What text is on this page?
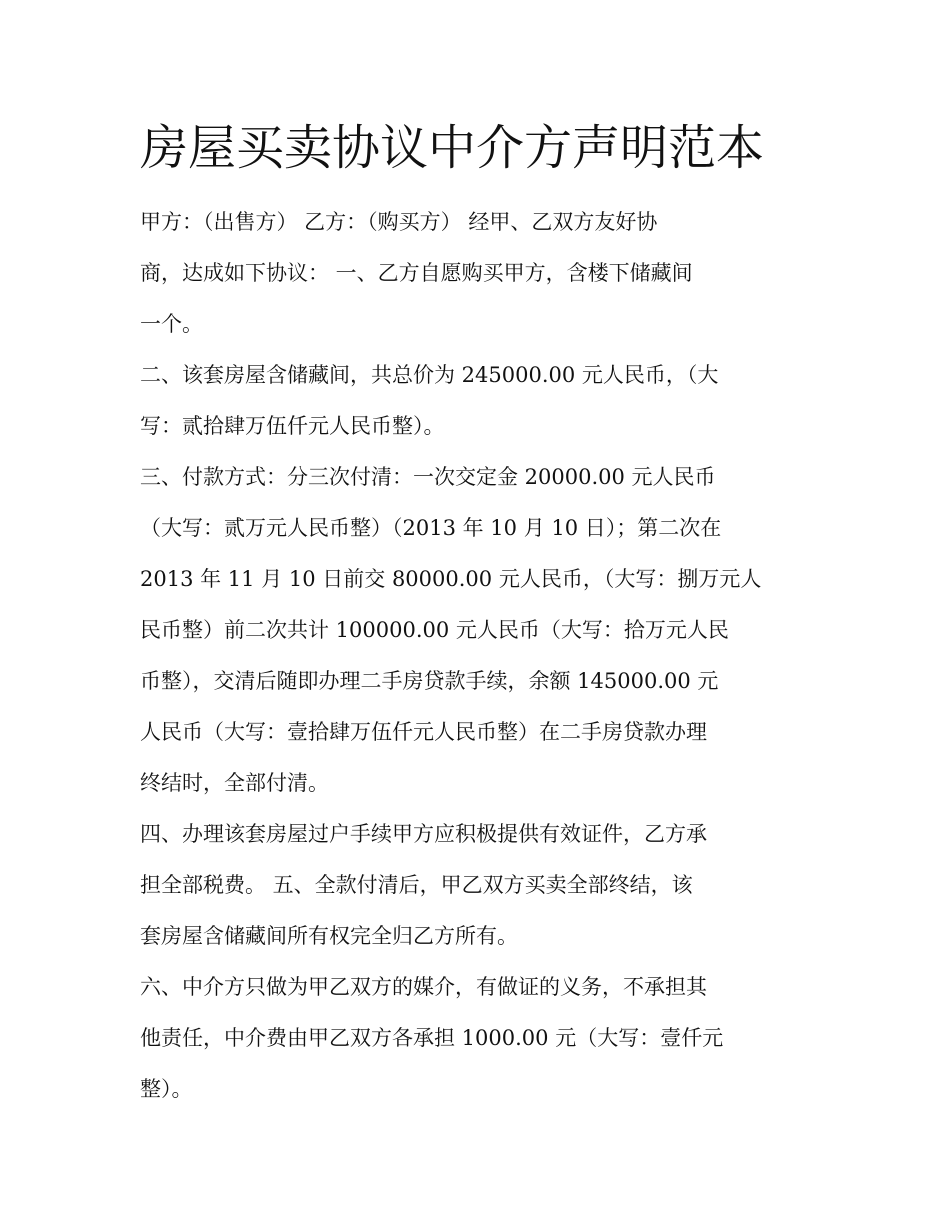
房屋买卖协议中介方声明范本
甲方：（出售方） 乙方：（购买方） 经甲、乙双方友好协
商，达成如下协议： 一、乙方自愿购买甲方，含楼下储藏间
一个。
二、该套房屋含储藏间，共总价为 245000.00 元人民币，（大
写：贰拾肆万伍仟元人民币整）。
三、付款方式：分三次付清：一次交定金 20000.00 元人民币
（大写：贰万元人民币整）（2013 年 10 月 10 日）；第二次在
2013 年 11 月 10 日前交 80000.00 元人民币，（大写：捌万元人
民币整）前二次共计 100000.00 元人民币（大写：拾万元人民
币整），交清后随即办理二手房贷款手续，余额 145000.00 元
人民币（大写：壹拾肆万伍仟元人民币整）在二手房贷款办理
终结时，全部付清。
四、办理该套房屋过户手续甲方应积极提供有效证件，乙方承
担全部税费。 五、全款付清后，甲乙双方买卖全部终结，该
套房屋含储藏间所有权完全归乙方所有。
六、中介方只做为甲乙双方的媒介，有做证的义务，不承担其
他责任，中介费由甲乙双方各承担 1000.00 元（大写：壹仟元
整）。
